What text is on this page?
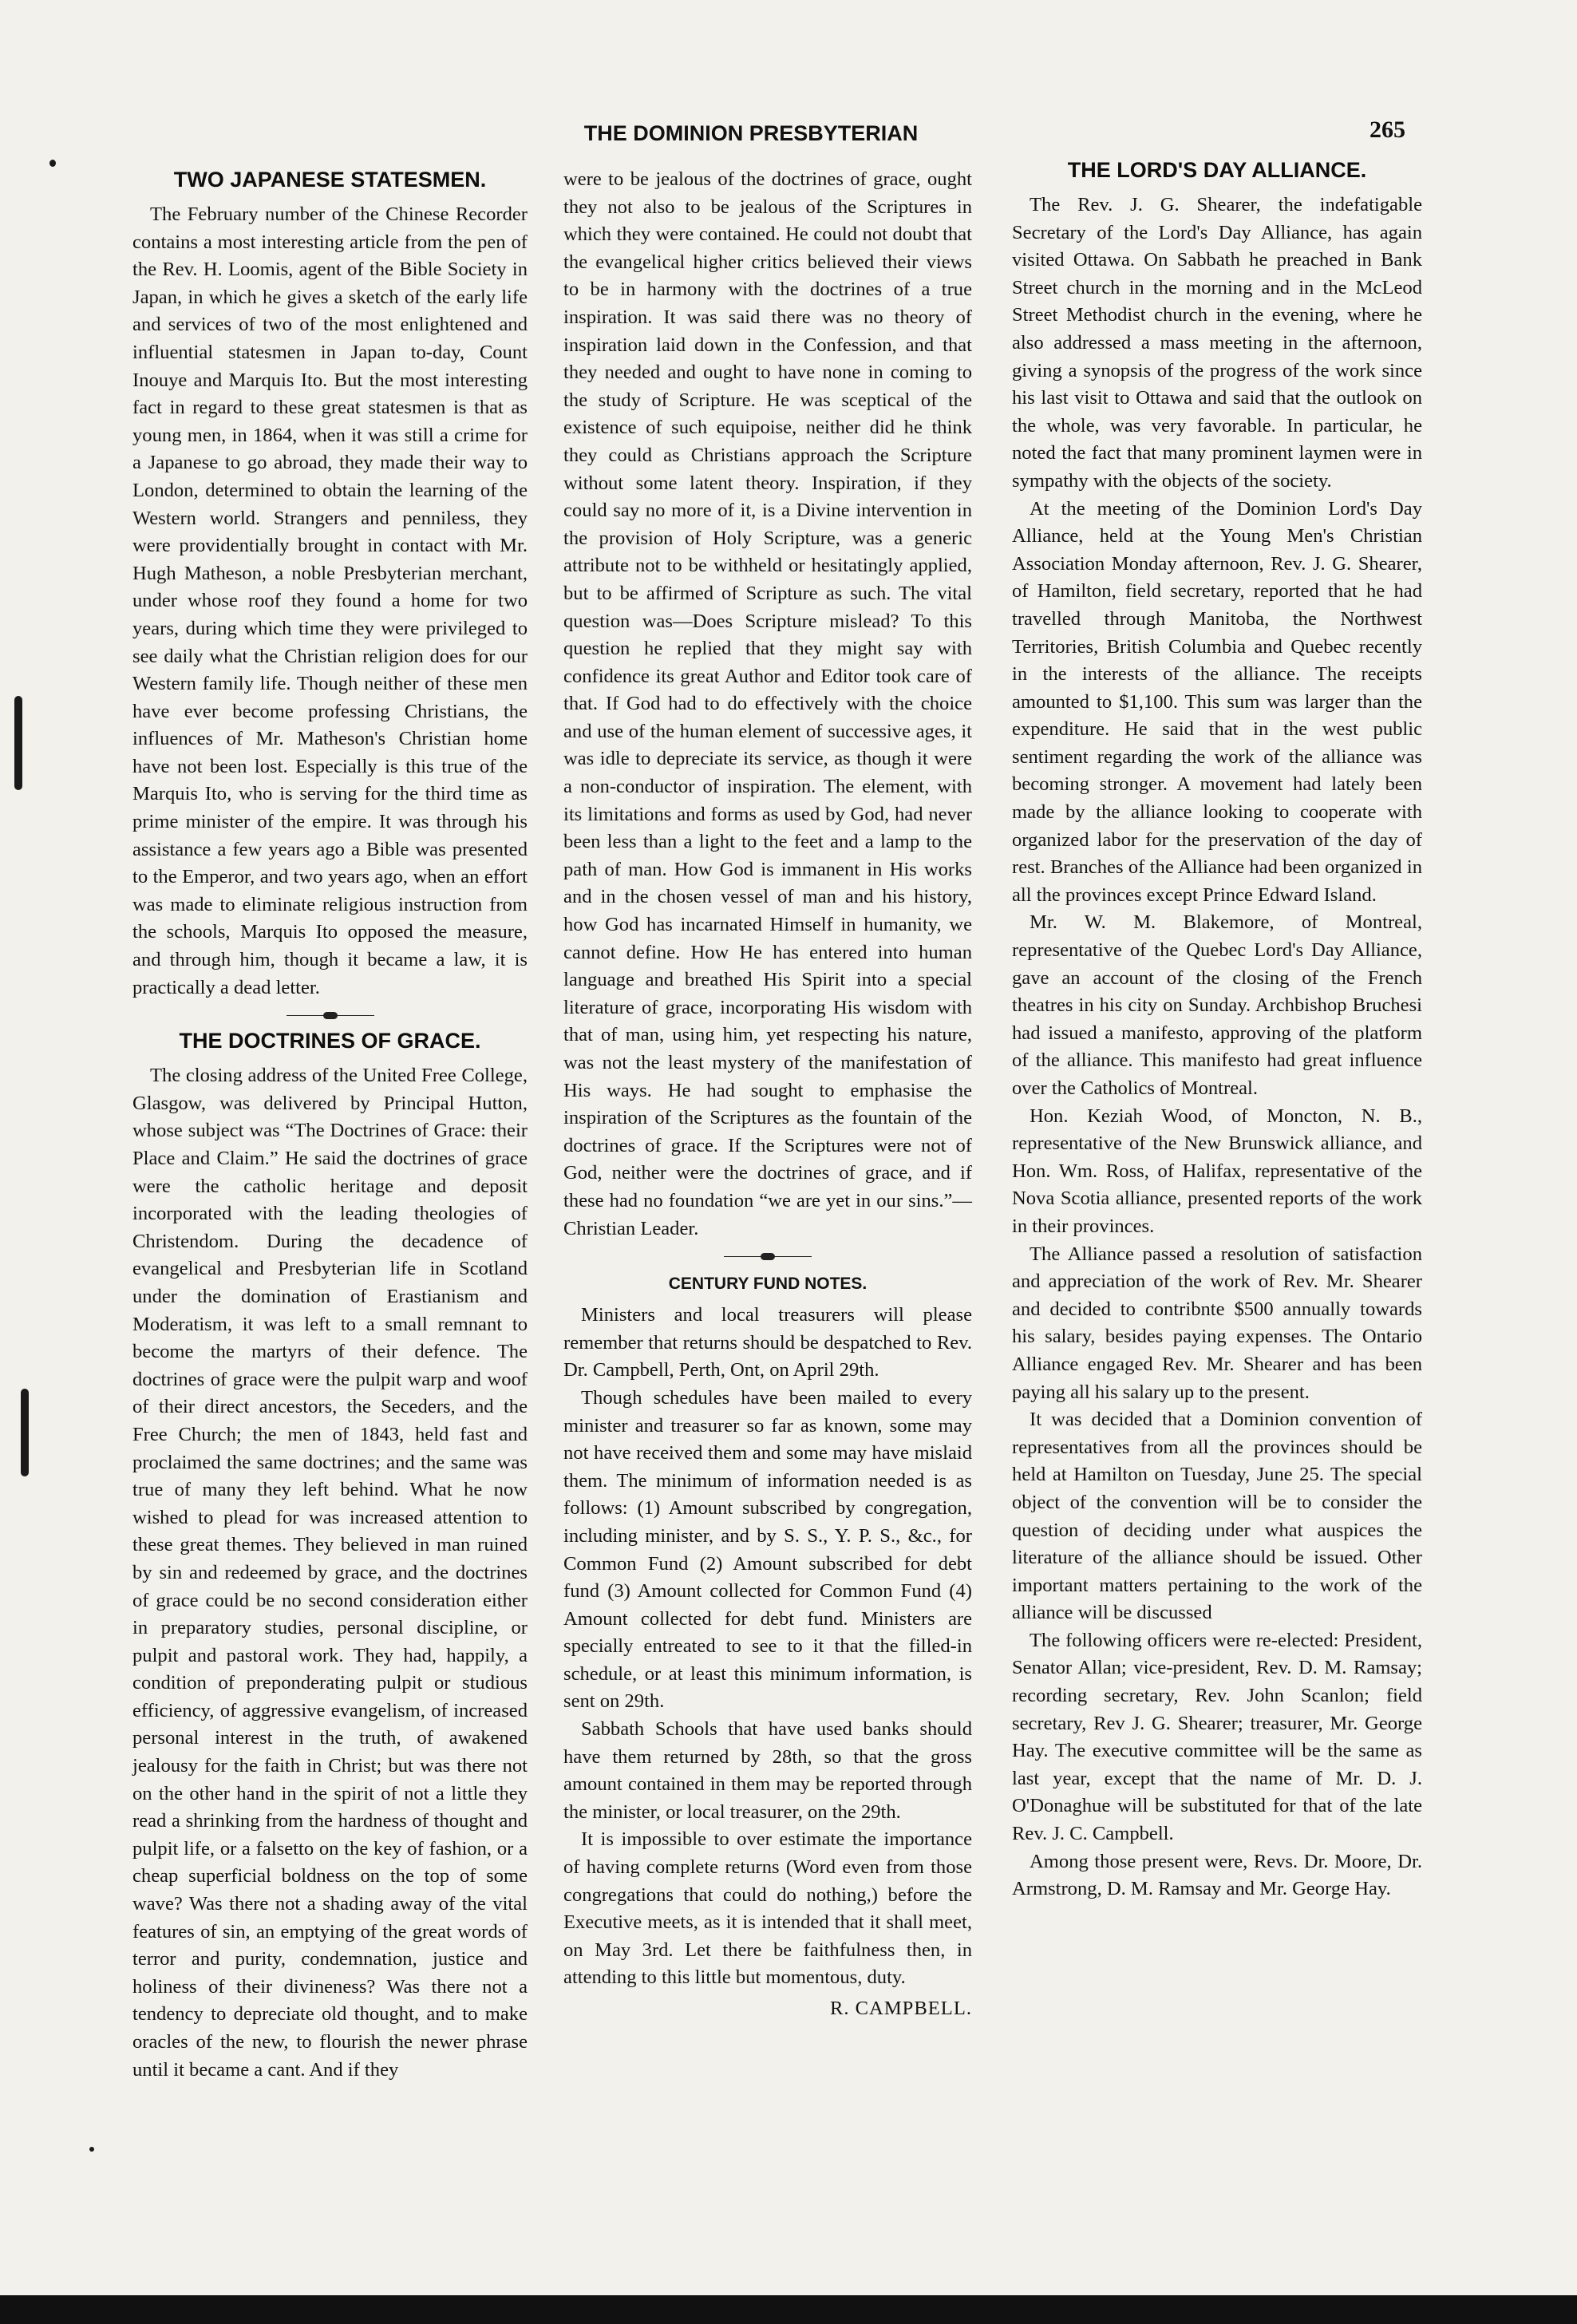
THE DOMINION PRESBYTERIAN	265
TWO JAPANESE STATESMEN.

The February number of the Chinese Recorder contains a most interesting article from the pen of the Rev. H. Loomis, agent of the Bible Society in Japan, in which he gives a sketch of the early life and services of two of the most enlightened and influential statesmen in Japan to-day, Count Inouye and Marquis Ito. But the most interesting fact in regard to these great statesmen is that as young men, in 1864, when it was still a crime for a Japanese to go abroad, they made their way to London, determined to obtain the learning of the Western world. Strangers and penniless, they were providentially brought in contact with Mr. Hugh Matheson, a noble Presbyterian merchant, under whose roof they found a home for two years, during which time they were privileged to see daily what the Christian religion does for our Western family life. Though neither of these men have ever become professing Christians, the influences of Mr. Matheson's Christian home have not been lost. Especially is this true of the Marquis Ito, who is serving for the third time as prime minister of the empire. It was through his assistance a few years ago a Bible was presented to the Emperor, and two years ago, when an effort was made to eliminate religious instruction from the schools, Marquis Ito opposed the measure, and through him, though it became a law, it is practically a dead letter.

THE DOCTRINES OF GRACE.

The closing address of the United Free College, Glasgow, was delivered by Principal Hutton, whose subject was “The Doctrines of Grace: their Place and Claim.” He said the doctrines of grace were the catholic heritage and deposit incorporated with the leading theologies of Christendom. During the decadence of evangelical and Presbyterian life in Scotland under the domination of Erastianism and Moderatism, it was left to a small remnant to become the martyrs of their defence. The doctrines of grace were the pulpit warp and woof of their direct ancestors, the Seceders, and the Free Church; the men of 1843, held fast and proclaimed the same doctrines; and the same was true of many they left behind. What he now wished to plead for was increased attention to these great themes. They believed in man ruined by sin and redeemed by grace, and the doctrines of grace could be no second consideration either in preparatory studies, personal discipline, or pulpit and pastoral work. They had, happily, a condition of preponderating pulpit or studious efficiency, of aggressive evangelism, of increased personal interest in the truth, of awakened jealousy for the faith in Christ; but was there not on the other hand in the spirit of not a little they read a shrinking from the hardness of thought and pulpit life, or a falsetto on the key of fashion, or a cheap superficial boldness on the top of some wave? Was there not a shading away of the vital features of sin, an emptying of the great words of terror and purity, condemnation, justice and holiness of their divineness? Was there not a tendency to depreciate old thought, and to make oracles of the new, to flourish the newer phrase until it became a cant. And if they

were to be jealous of the doctrines of grace, ought they not also to be jealous of the Scriptures in which they were contained. He could not doubt that the evangelical higher critics believed their views to be in harmony with the doctrines of a true inspiration. It was said there was no theory of inspiration laid down in the Confession, and that they needed and ought to have none in coming to the study of Scripture. He was sceptical of the existence of such equipoise, neither did he think they could as Christians approach the Scripture without some latent theory. Inspiration, if they could say no more of it, is a Divine intervention in the provision of Holy Scripture, was a generic attribute not to be withheld or hesitatingly applied, but to be affirmed of Scripture as such. The vital question was—Does Scripture mislead? To this question he replied that they might say with confidence its great Author and Editor took care of that. If God had to do effectively with the choice and use of the human element of successive ages, it was idle to depreciate its service, as though it were a non-conductor of inspiration. The element, with its limitations and forms as used by God, had never been less than a light to the feet and a lamp to the path of man. How God is immanent in His works and in the chosen vessel of man and his history, how God has incarnated Himself in humanity, we cannot define. How He has entered into human language and breathed His Spirit into a special literature of grace, incorporating His wisdom with that of man, using him, yet respecting his nature, was not the least mystery of the manifestation of His ways. He had sought to emphasise the inspiration of the Scriptures as the fountain of the doctrines of grace. If the Scriptures were not of God, neither were the doctrines of grace, and if these had no foundation “we are yet in our sins.”—Christian Leader.

CENTURY FUND NOTES.

Ministers and local treasurers will please remember that returns should be despatched to Rev. Dr. Campbell, Perth, Ont, on April 29th.

Though schedules have been mailed to every minister and treasurer so far as known, some may not have received them and some may have mislaid them. The minimum of information needed is as follows: (1) Amount subscribed by congregation, including minister, and by S. S., Y. P. S., &c., for Common Fund (2) Amount subscribed for debt fund (3) Amount collected for Common Fund (4) Amount collected for debt fund. Ministers are specially entreated to see to it that the filled-in schedule, or at least this minimum information, is sent on 29th.

Sabbath Schools that have used banks should have them returned by 28th, so that the gross amount contained in them may be reported through the minister, or local treasurer, on the 29th.

It is impossible to over estimate the importance of having complete returns (Word even from those congregations that could do nothing,) before the Executive meets, as it is intended that it shall meet, on May 3rd. Let there be faithfulness then, in attending to this little but momentous, duty.

R. CAMPBELL.

THE LORD'S DAY ALLIANCE.

The Rev. J. G. Shearer, the indefatigable Secretary of the Lord's Day Alliance, has again visited Ottawa. On Sabbath he preached in Bank Street church in the morning and in the McLeod Street Methodist church in the evening, where he also addressed a mass meeting in the afternoon, giving a synopsis of the progress of the work since his last visit to Ottawa and said that the outlook on the whole, was very favorable. In particular, he noted the fact that many prominent laymen were in sympathy with the objects of the society.

At the meeting of the Dominion Lord's Day Alliance, held at the Young Men's Christian Association Monday afternoon, Rev. J. G. Shearer, of Hamilton, field secretary, reported that he had travelled through Manitoba, the Northwest Territories, British Columbia and Quebec recently in the interests of the alliance. The receipts amounted to $1,100. This sum was larger than the expenditure. He said that in the west public sentiment regarding the work of the alliance was becoming stronger. A movement had lately been made by the alliance looking to cooperate with organized labor for the preservation of the day of rest. Branches of the Alliance had been organized in all the provinces except Prince Edward Island.

Mr. W. M. Blakemore, of Montreal, representative of the Quebec Lord's Day Alliance, gave an account of the closing of the French theatres in his city on Sunday. Archbishop Bruchesi had issued a manifesto, approving of the platform of the alliance. This manifesto had great influence over the Catholics of Montreal.

Hon. Keziah Wood, of Moncton, N. B., representative of the New Brunswick alliance, and Hon. Wm. Ross, of Halifax, representative of the Nova Scotia alliance, presented reports of the work in their provinces.

The Alliance passed a resolution of satisfaction and appreciation of the work of Rev. Mr. Shearer and decided to contribnte $500 annually towards his salary, besides paying expenses. The Ontario Alliance engaged Rev. Mr. Shearer and has been paying all his salary up to the present.

It was decided that a Dominion convention of representatives from all the provinces should be held at Hamilton on Tuesday, June 25. The special object of the convention will be to consider the question of deciding under what auspices the literature of the alliance should be issued. Other important matters pertaining to the work of the alliance will be discussed

The following officers were re-elected: President, Senator Allan; vice-president, Rev. D. M. Ramsay; recording secretary, Rev. John Scanlon; field secretary, Rev J. G. Shearer; treasurer, Mr. George Hay. The executive committee will be the same as last year, except that the name of Mr. D. J. O'Donaghue will be substituted for that of the late Rev. J. C. Campbell.

Among those present were, Revs. Dr. Moore, Dr. Armstrong, D. M. Ramsay and Mr. George Hay.
